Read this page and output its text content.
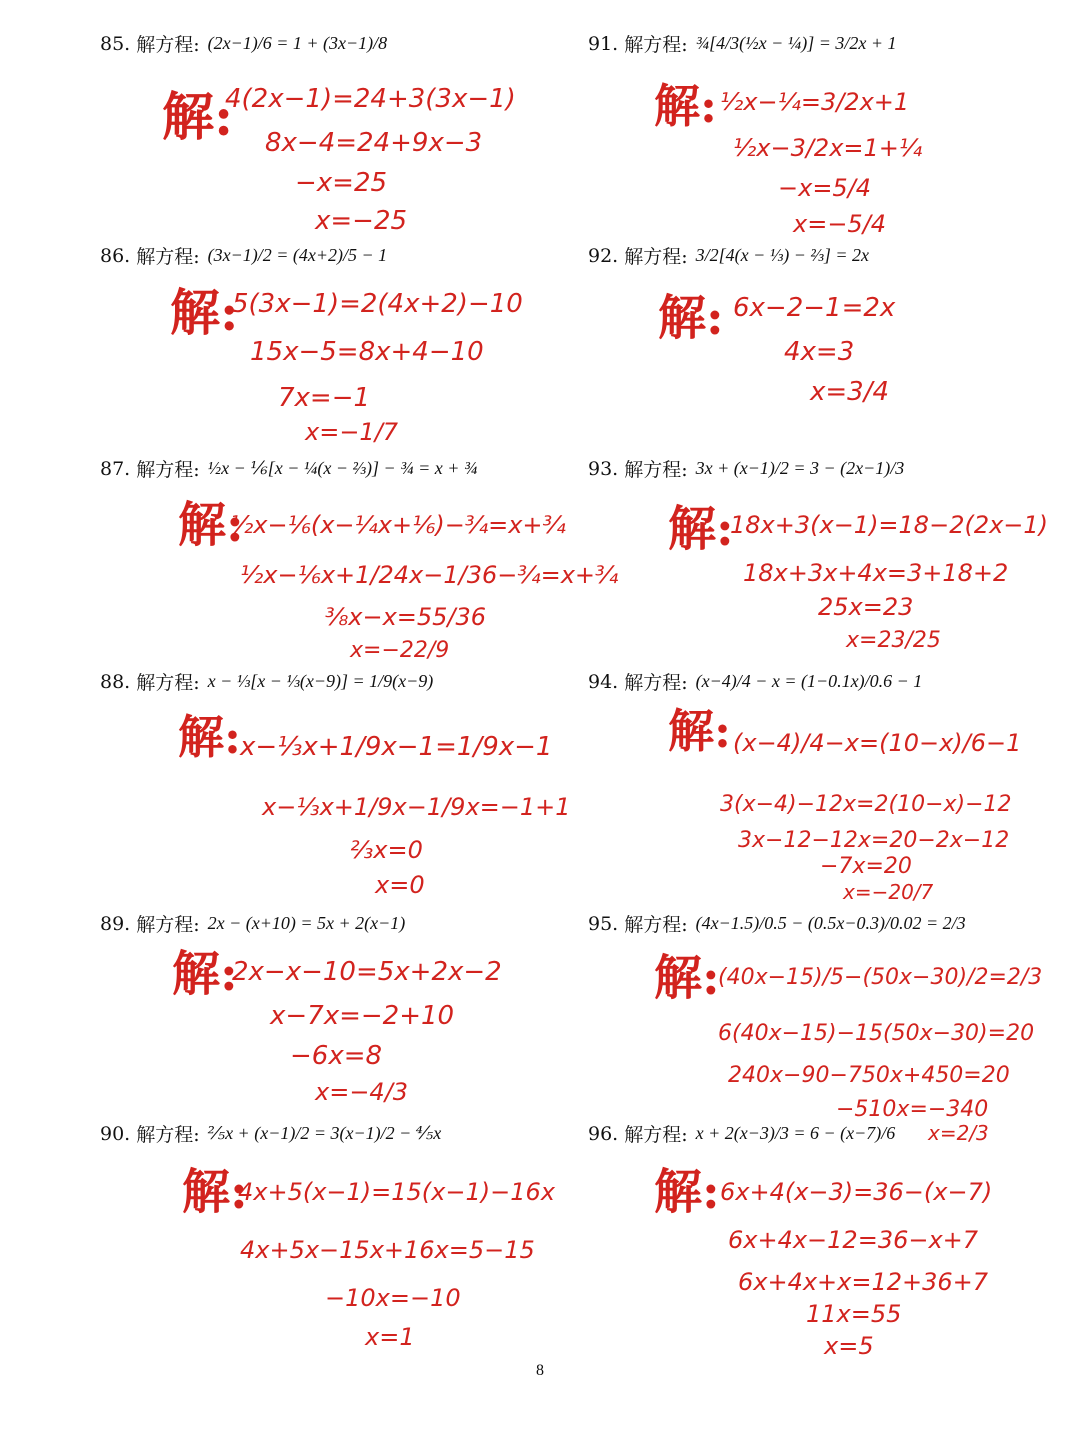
85. 解方程: (2x−1)/6 = 1 + (3x−1)/8
解:
4(2x−1)=24+3(3x−1)
8x−4=24+9x−3
−x=25
x=−25
86. 解方程: (3x−1)/2 = (4x+2)/5 − 1
解:
5(3x−1)=2(4x+2)−10
15x−5=8x+4−10
7x=−1
x=−1/7
87. 解方程: ½x − ⅙[x − ¼(x − ⅔)] − ¾ = x + ¾
解:
½x−⅙(x−¼x+⅙)−¾=x+¾
½x−⅙x+1/24x−1/36−¾=x+¾
⅜x−x=55/36
x=−22/9
88. 解方程: x − ⅓[x − ⅓(x−9)] = 1/9(x−9)
解: x−⅓x+1/9x−1=1/9x−1
x−⅓x+1/9x−1/9x=−1+1
⅔x=0
x=0
89. 解方程: 2x − (x+10) = 5x + 2(x−1)
解:
2x−x−10=5x+2x−2
x−7x=−2+10
−6x=8
x=−4/3
90. 解方程: ⅖x + (x−1)/2 = 3(x−1)/2 − ⅘x
解:
4x+5(x−1)=15(x−1)−16x
4x+5x−15x+16x=5−15
−10x=−10
x=1
91. 解方程: ¾[4/3(½x − ¼)] = 3/2x + 1
解: ½x−¼=3/2x+1
½x−3/2x=1+¼
−x=5/4
x=−5/4
92. 解方程: 3/2[4(x − ⅓) − ⅔] = 2x
解: 6x−2−1=2x
4x=3
x=3/4
93. 解方程: 3x + (x−1)/2 = 3 − (2x−1)/3
解:
18x+3(x−1)=18−2(2x−1)
18x+3x+4x=3+18+2
25x=23
x=23/25
94. 解方程: (x−4)/4 − x = (1−0.1x)/0.6 − 1
解: (x−4)/4−x=(10−x)/6−1
3(x−4)−12x=2(10−x)−12
3x−12−12x=20−2x−12
−7x=20
x=−20/7
95. 解方程: (4x−1.5)/0.5 − (0.5x−0.3)/0.02 = 2/3
解:
(40x−15)/5−(50x−30)/2=2/3
6(40x−15)−15(50x−30)=20
240x−90−750x+450=20
−510x=−340
x=2/3
96. 解方程: x + 2(x−3)/3 = 6 − (x−7)/6
解: 6x+4(x−3)=36−(x−7)
6x+4x−12=36−x+7
6x+4x+x=12+36+7
11x=55
x=5
8
